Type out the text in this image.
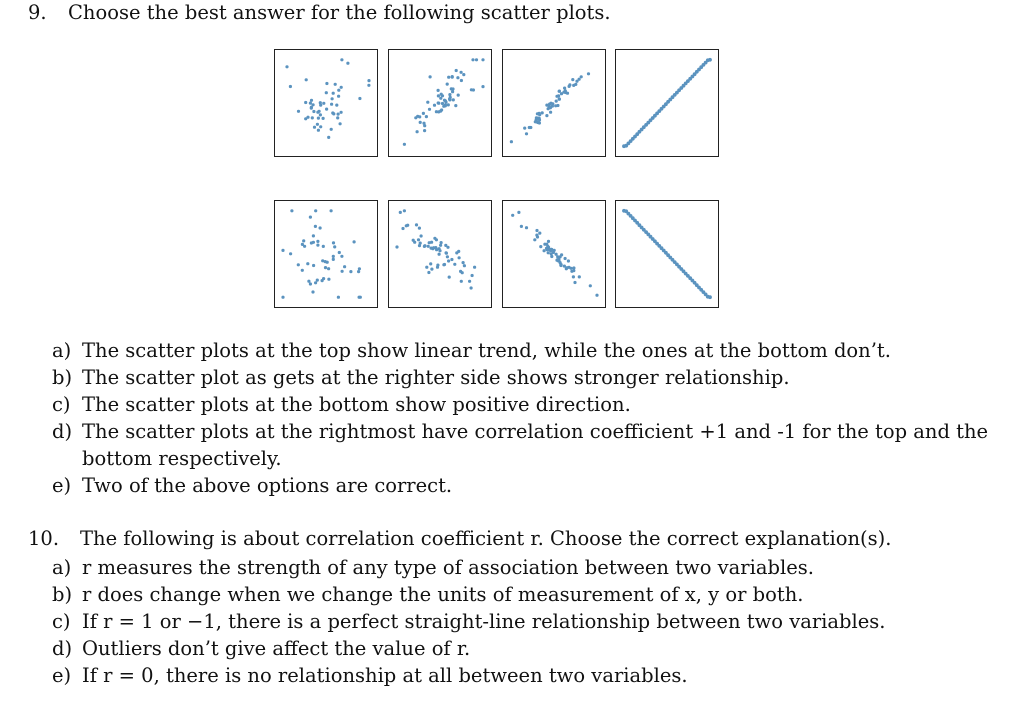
9. Choose the best answer for the following scatter plots.
a) The scatter plots at the top show linear trend, while the ones at the bottom don’t.
b) The scatter plot as gets at the righter side shows stronger relationship.
c) The scatter plots at the bottom show positive direction.
d) The scatter plots at the rightmost have correlation coefficient +1 and -1 for the top and the
bottom respectively.
e) Two of the above options are correct.
10. The following is about correlation coefficient r. Choose the correct explanation(s).
a) r measures the strength of any type of association between two variables.
b) r does change when we change the units of measurement of x, y or both.
c) If r = 1 or −1, there is a perfect straight-line relationship between two variables.
d) Outliers don’t give affect the value of r.
e) If r = 0, there is no relationship at all between two variables.
